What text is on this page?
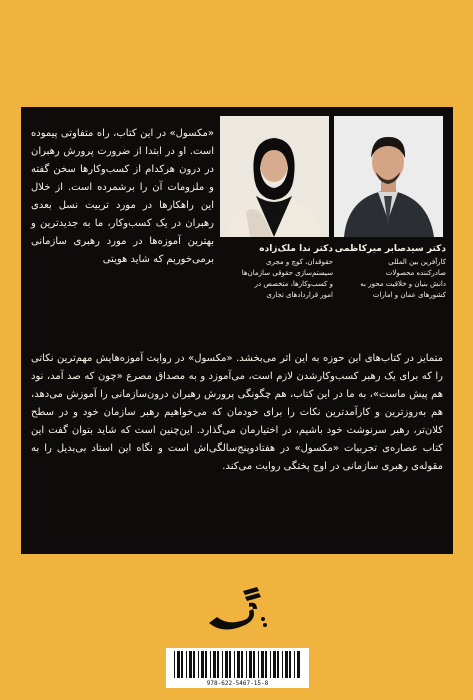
دکتر سیدصابر میرکاظمی
کارآفرین بین المللی
صادرکننده محصولات
دانش بنیان و خلاقیت محور به
کشورهای عمان و امارات
دکتر ندا ملک‌زاده
حقوقدان، کوچ و مجری
سیستم‌سازی حقوقی سازمان‌ها
و کسب‌وکارها، متخصص در
امور قراردادهای تجاری
«مکسول» در این کتاب، راه متفاوتی پیموده است. او در ابتدا از ضرورت پرورش رهبران در درون هرکدام از کسب‌وکارها سخن گفته و ملزومات آن را برشمرده است. از خلال این راهکارها در مورد تربیت نسل بعدی رهبران در یک کسب‌وکار، ما به جدیدترین و بهترین آموزه‌ها در مورد رهبری سازمانی برمی‌خوریم که شاید هویتی
متمایز در کتاب‌های این حوزه به این اثر می‌بخشد. «مکسول» در روایت آموزه‌هایش مهم‌ترین نکاتی را که برای یک رهبر کسب‌وکارشدن لازم است، می‌آموزد و به مصداق مصرع «چون که صد آمد، نود هم پیش ماست»، به ما در این کتاب، هم چگونگی پرورش رهبران درون‌سازمانی را آموزش می‌دهد، هم به‌روزترین و کارآمدترین نکات را برای خودمان که می‌خواهیم رهبر سازمان خود و در سطح کلان‌تر، رهبر سرنوشت خود باشیم، در اختیارمان می‌گذارد. این‌چنین است که شاید بتوان گفت این کتاب عصاره‌ی تجربیات «مکسول» در هفتادوپنج‌سالگی‌اش است و نگاه این استاد بی‌بدیل را به مقوله‌ی رهبری سازمانی در اوج پختگی روایت می‌کند.
978-622-5467-15-8
